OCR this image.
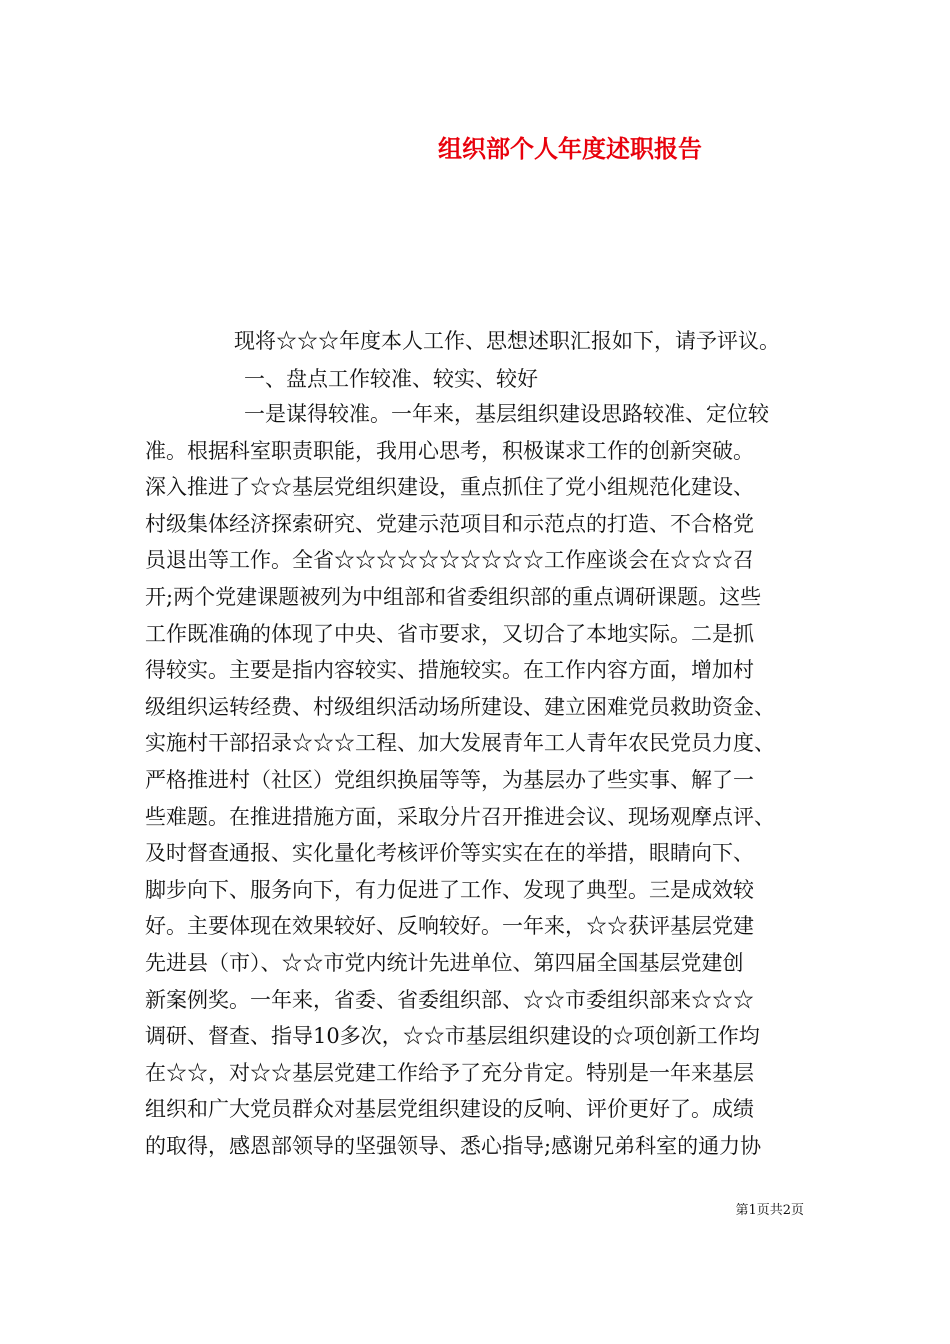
组织部个人年度述职报告
现将☆☆☆年度本人工作、思想述职汇报如下，请予评议。
一、盘点工作较准、较实、较好
一是谋得较准。一年来，基层组织建设思路较准、定位较
准。根据科室职责职能，我用心思考，积极谋求工作的创新突破。
深入推进了☆☆基层党组织建设，重点抓住了党小组规范化建设、
村级集体经济探索研究、党建示范项目和示范点的打造、不合格党
员退出等工作。全省☆☆☆☆☆☆☆☆☆☆工作座谈会在☆☆☆召
开;两个党建课题被列为中组部和省委组织部的重点调研课题。这些
工作既准确的体现了中央、省市要求，又切合了本地实际。二是抓
得较实。主要是指内容较实、措施较实。在工作内容方面，增加村
级组织运转经费、村级组织活动场所建设、建立困难党员救助资金、
实施村干部招录☆☆☆工程、加大发展青年工人青年农民党员力度、
严格推进村（社区）党组织换届等等，为基层办了些实事、解了一
些难题。在推进措施方面，采取分片召开推进会议、现场观摩点评、
及时督查通报、实化量化考核评价等实实在在的举措，眼睛向下、
脚步向下、服务向下，有力促进了工作、发现了典型。三是成效较
好。主要体现在效果较好、反响较好。一年来，☆☆获评基层党建
先进县（市）、☆☆市党内统计先进单位、第四届全国基层党建创
新案例奖。一年来，省委、省委组织部、☆☆市委组织部来☆☆☆
调研、督查、指导10多次，☆☆市基层组织建设的☆项创新工作均
在☆☆，对☆☆基层党建工作给予了充分肯定。特别是一年来基层
组织和广大党员群众对基层党组织建设的反响、评价更好了。成绩
的取得，感恩部领导的坚强领导、悉心指导;感谢兄弟科室的通力协
第1页共2页
